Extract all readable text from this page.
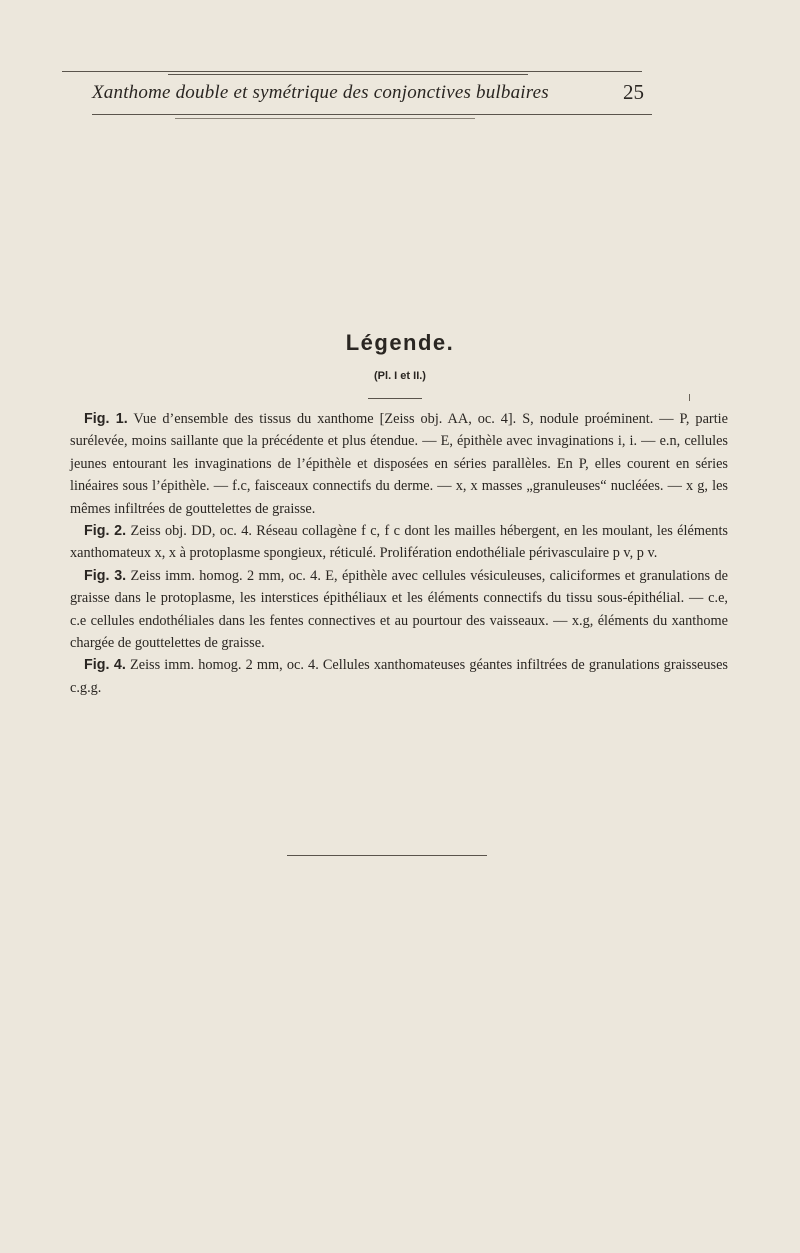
Xanthome double et symétrique des conjonctives bulbaires	25
Légende.
(Pl. I et II.)

Fig. 1. Vue d’ensemble des tissus du xanthome [Zeiss obj. AA, oc. 4]. S, nodule proéminent. — P, partie surélevée, moins saillante que la précédente et plus étendue. — E, épithèle avec invaginations i, i. — e.n, cellules jeunes entourant les invaginations de l’épithèle et disposées en séries parallèles. En P, elles courent en séries linéaires sous l’épithèle. — f.c, faisceaux connectifs du derme. — x, x masses „granuleuses“ nucléées. — x g, les mêmes infiltrées de gouttelettes de graisse.

Fig. 2. Zeiss obj. DD, oc. 4. Réseau collagène f c, f c dont les mailles hébergent, en les moulant, les éléments xanthomateux x, x à protoplasme spongieux, réticulé. Prolifération endothéliale périvasculaire p v, p v.

Fig. 3. Zeiss imm. homog. 2 mm, oc. 4. E, épithèle avec cellules vésiculeuses, caliciformes et granulations de graisse dans le protoplasme, les interstices épithéliaux et les éléments connectifs du tissu sous-épithélial. — c.e, c.e cellules endothéliales dans les fentes connectives et au pourtour des vaisseaux. — x.g, éléments du xanthome chargée de gouttelettes de graisse.

Fig. 4. Zeiss imm. homog. 2 mm, oc. 4. Cellules xanthomateuses géantes infiltrées de granulations graisseuses c.g.g.
